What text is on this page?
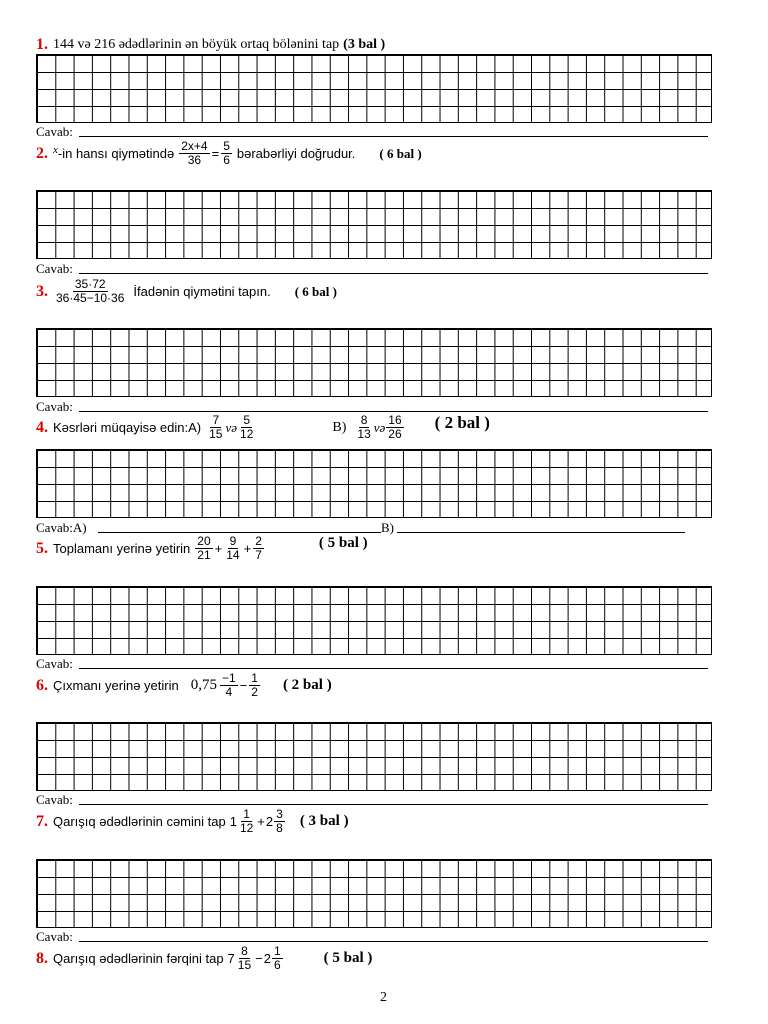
1. 144 və 216 ədədlərinin ən böyük ortaq bölənini tap (3 bal )
Cavab:
2. x -in hansı qiymətində $\frac{2x+4}{36} = \frac{5}{6}$ bərabərliyi doğrudur. ( 6 bal )
Cavab:
3. $\frac{35\cdot 72}{36\cdot 45-10\cdot 36}$ İfadənin qiymətini tapın. ( 6 bal )
Cavab:
4. Kəsrləri müqayisə edin:A) $\frac{7}{15}$ və $\frac{5}{12}$	$B) \frac{8}{13}$ və $\frac{16}{26}$ ( 2 bal )
Cavab:A)	B)
5. Toplamanı yerinə yetirin $\frac{20}{21} + \frac{9}{14} + \frac{2}{7}$	( 5 bal )
Cavab:
6. Çıxmanı yerinə yetirin $0,75 \frac{-1}{4} - \frac{1}{2}$ ( 2 bal )
Cavab:
7. Qarışıq ədədlərinin cəmini tap $1 \frac{1}{12} + 2 \frac{3}{8}$ ( 3 bal )
Cavab:
8. Qarışıq ədədlərinin fərqini tap $7 \frac{8}{15} - 2 \frac{1}{6}$	( 5 bal )
2
